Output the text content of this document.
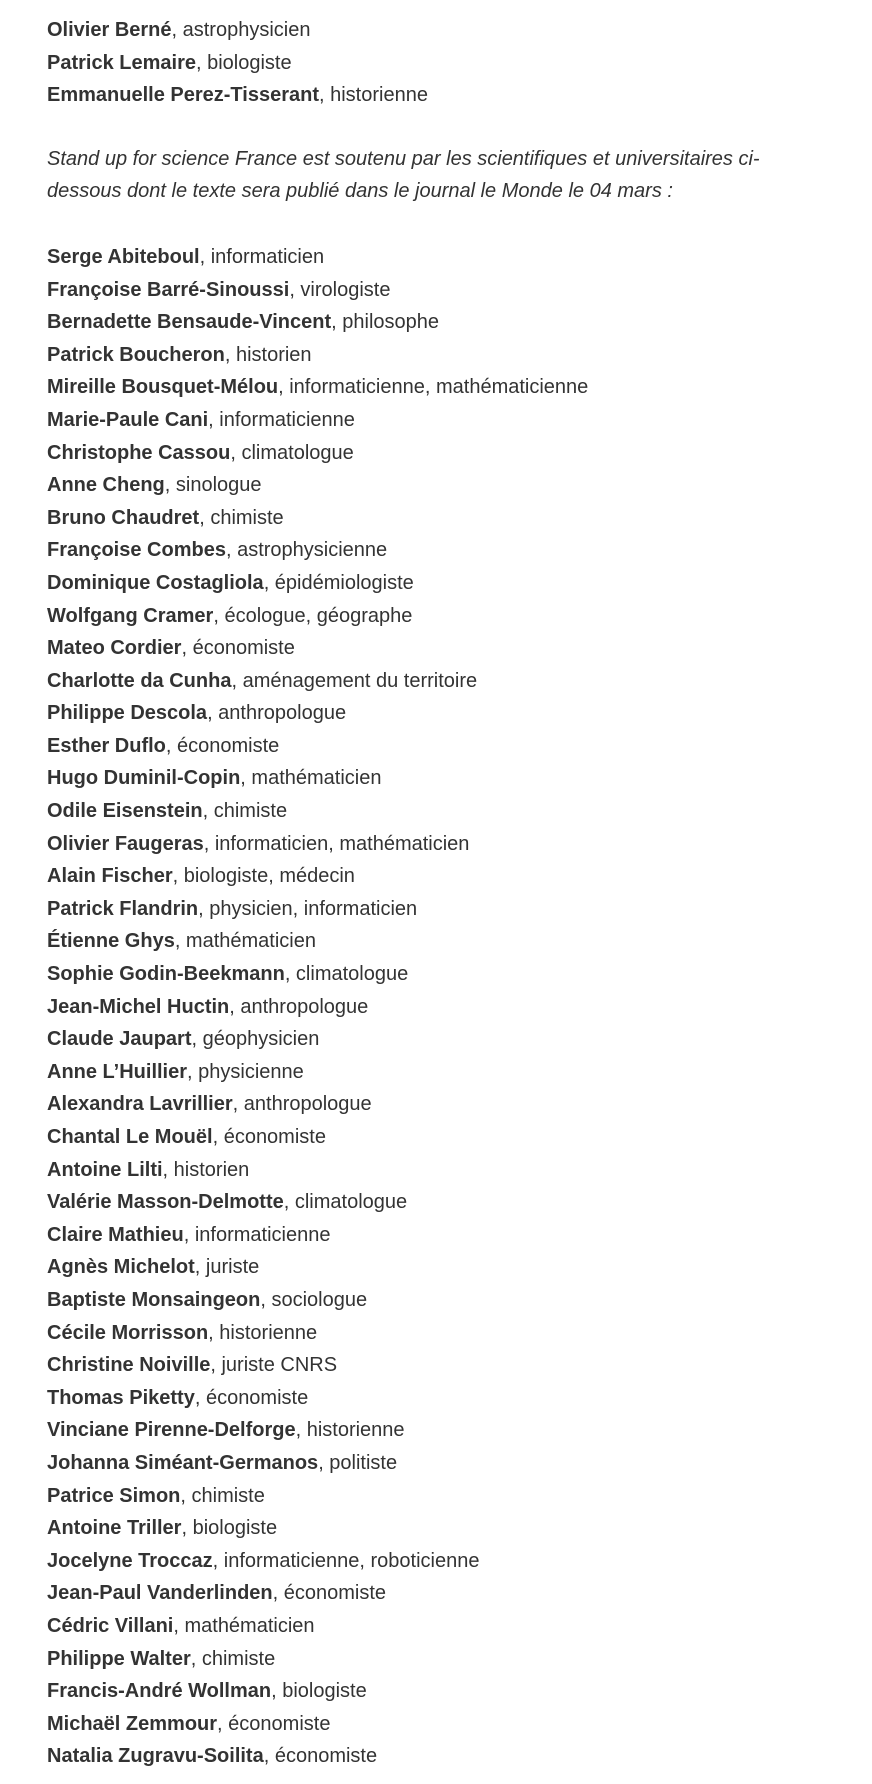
Olivier Berné, astrophysicien
Patrick Lemaire, biologiste
Emmanuelle Perez-Tisserant, historienne

Stand up for science France est soutenu par les scientifiques et universitaires ci-dessous dont le texte sera publié dans le journal le Monde le 04 mars :

Serge Abiteboul, informaticien
Françoise Barré-Sinoussi, virologiste
Bernadette Bensaude-Vincent, philosophe
Patrick Boucheron, historien
Mireille Bousquet-Mélou, informaticienne, mathématicienne
Marie-Paule Cani, informaticienne
Christophe Cassou, climatologue
Anne Cheng, sinologue
Bruno Chaudret, chimiste
Françoise Combes, astrophysicienne
Dominique Costagliola, épidémiologiste
Wolfgang Cramer, écologue, géographe
Mateo Cordier, économiste
Charlotte da Cunha, aménagement du territoire
Philippe Descola, anthropologue
Esther Duflo, économiste
Hugo Duminil-Copin, mathématicien
Odile Eisenstein, chimiste
Olivier Faugeras, informaticien, mathématicien
Alain Fischer, biologiste, médecin
Patrick Flandrin, physicien, informaticien
Étienne Ghys, mathématicien
Sophie Godin-Beekmann, climatologue
Jean-Michel Huctin, anthropologue
Claude Jaupart, géophysicien
Anne L’Huillier, physicienne
Alexandra Lavrillier, anthropologue
Chantal Le Mouël, économiste
Antoine Lilti, historien
Valérie Masson-Delmotte, climatologue
Claire Mathieu, informaticienne
Agnès Michelot, juriste
Baptiste Monsaingeon, sociologue
Cécile Morrisson, historienne
Christine Noiville, juriste CNRS
Thomas Piketty, économiste
Vinciane Pirenne-Delforge, historienne
Johanna Siméant-Germanos, politiste
Patrice Simon, chimiste
Antoine Triller, biologiste
Jocelyne Troccaz, informaticienne, roboticienne
Jean-Paul Vanderlinden, économiste
Cédric Villani, mathématicien
Philippe Walter, chimiste
Francis-André Wollman, biologiste
Michaël Zemmour, économiste
Natalia Zugravu-Soilita, économiste
